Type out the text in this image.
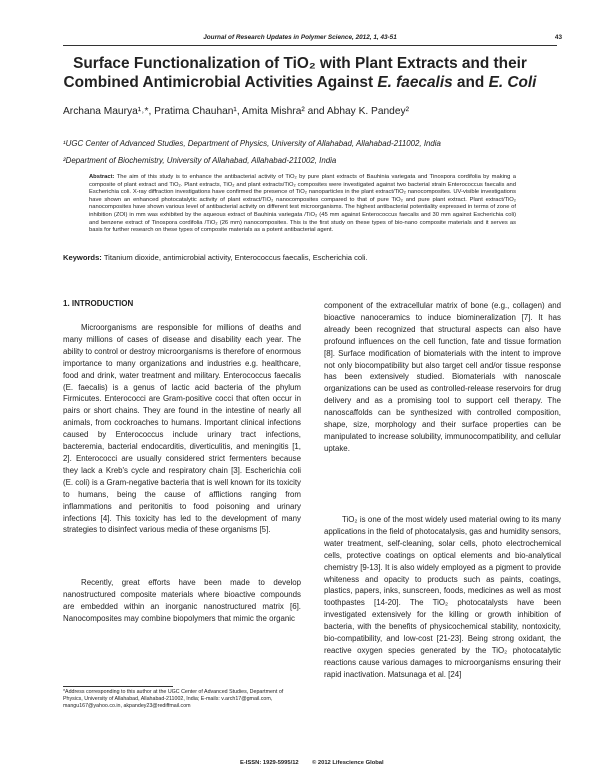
Journal of Research Updates in Polymer Science, 2012, 1, 43-51	43
Surface Functionalization of TiO₂ with Plant Extracts and their
Combined Antimicrobial Activities Against E. faecalis and E. Coli
Archana Maurya¹˒*, Pratima Chauhan¹, Amita Mishra² and Abhay K. Pandey²
¹UGC Center of Advanced Studies, Department of Physics, University of Allahabad, Allahabad-211002, India
²Department of Biochemistry, University of Allahabad, Allahabad-211002, India
Abstract: The aim of this study is to enhance the antibacterial activity of TiO₂ by pure plant extracts of Bauhinia variegata and Tinospora cordifolia by making a composite of plant extract and TiO₂. Plant extracts, TiO₂ and plant extracts/TiO₂ composites were investigated against two bacterial strain Enterococcus faecalis and Escherichia coli. X-ray diffraction investigations have confirmed the presence of TiO₂ nanoparticles in the plant extract/TiO₂ nanocomposites. UV-visible investigations have shown an enhanced photocatalytic activity of plant extract/TiO₂ nanocomposites compared to that of pure TiO₂ and pure plant extract. Plant extract/TiO₂ nanocomposites have shown various level of antibacterial activity on different test microorganisms. The highest antibacterial potentiality expressed in terms of zone of inhibition (ZOI) in mm was exhibited by the aqueous extract of Bauhinia variegata /TiO₂ (45 mm against Enterococcus faecalis and 30 mm against Escherichia coli) and benzene extract of Tinospora cordifolia /TiO₂ (26 mm) nanocomposites. This is the first study on these types of bio-nano composite materials and it serves as basis for further research on these types of composite materials as a potent antibacterial agent.
Keywords: Titanium dioxide, antimicrobial activity, Enterococcus faecalis, Escherichia coli.
1. INTRODUCTION
Microorganisms are responsible for millions of deaths and many millions of cases of disease and disability each year. The ability to control or destroy microorganisms is therefore of enormous importance to many organizations and industries e.g. healthcare, food and drink, water treatment and military. Enterococcus faecalis (E. faecalis) is a genus of lactic acid bacteria of the phylum Firmicutes. Enterococci are Gram-positive cocci that often occur in pairs or short chains. They are found in the intestine of nearly all animals, from cockroaches to humans. Important clinical infections caused by Enterococcus include urinary tract infections, bacteremia, bacterial endocarditis, diverticulitis, and meningitis [1, 2]. Enterococci are usually considered strict fermenters because they lack a Kreb's cycle and respiratory chain [3]. Escherichia coli (E. coli) is a Gram-negative bacteria that is well known for its toxicity to humans, being the cause of afflictions ranging from inflammations and peritonitis to food poisoning and urinary infections [4]. This toxicity has led to the development of many strategies to disinfect various media of these organisms [5].
Recently, great efforts have been made to develop nanostructured composite materials where bioactive compounds are embedded within an inorganic nanostructured matrix [6]. Nanocomposites may combine biopolymers that mimic the organic
component of the extracellular matrix of bone (e.g., collagen) and bioactive nanoceramics to induce biomineralization [7]. It has already been recognized that structural aspects can also have profound influences on the cell function, fate and tissue formation [8]. Surface modification of biomaterials with the intent to improve not only biocompatibility but also target cell and/or tissue response has been extensively studied. Biomaterials with nanoscale organizations can be used as controlled-release reservoirs for drug delivery and as a promising tool to support cell therapy. The nanoscaffolds can be synthesized with controlled composition, shape, size, morphology and their surface properties can be manipulated to increase solubility, immunocompatibility, and cellular uptake.
TiO₂ is one of the most widely used material owing to its many applications in the field of photocatalysis, gas and humidity sensors, water treatment, self-cleaning, solar cells, photo electrochemical cells, protective coatings on optical elements and bio-analytical chemistry [9-13]. It is also widely employed as a pigment to provide whiteness and opacity to products such as paints, coatings, plastics, papers, inks, sunscreen, foods, medicines as well as most toothpastes [14-20]. The TiO₂ photocatalysts have been investigated extensively for the killing or growth inhibition of bacteria, with the benefits of physicochemical stability, nontoxicity, bio-compatibility, and low-cost [21-23]. Being strong oxidant, the reactive oxygen species generated by the TiO₂ photocatalytic reactions cause various damages to microorganisms ensuring their rapid inactivation. Matsunaga et al. [24]
*Address corresponding to this author at the UGC Center of Advanced Studies, Department of Physics, University of Allahabad, Allahabad-211002, India; E-mails: v.arch17@gmail.com, mangu167@yahoo.co.in, akpandey23@rediffmail.com
E-ISSN: 1929-5995/12 © 2012 Lifescience Global
